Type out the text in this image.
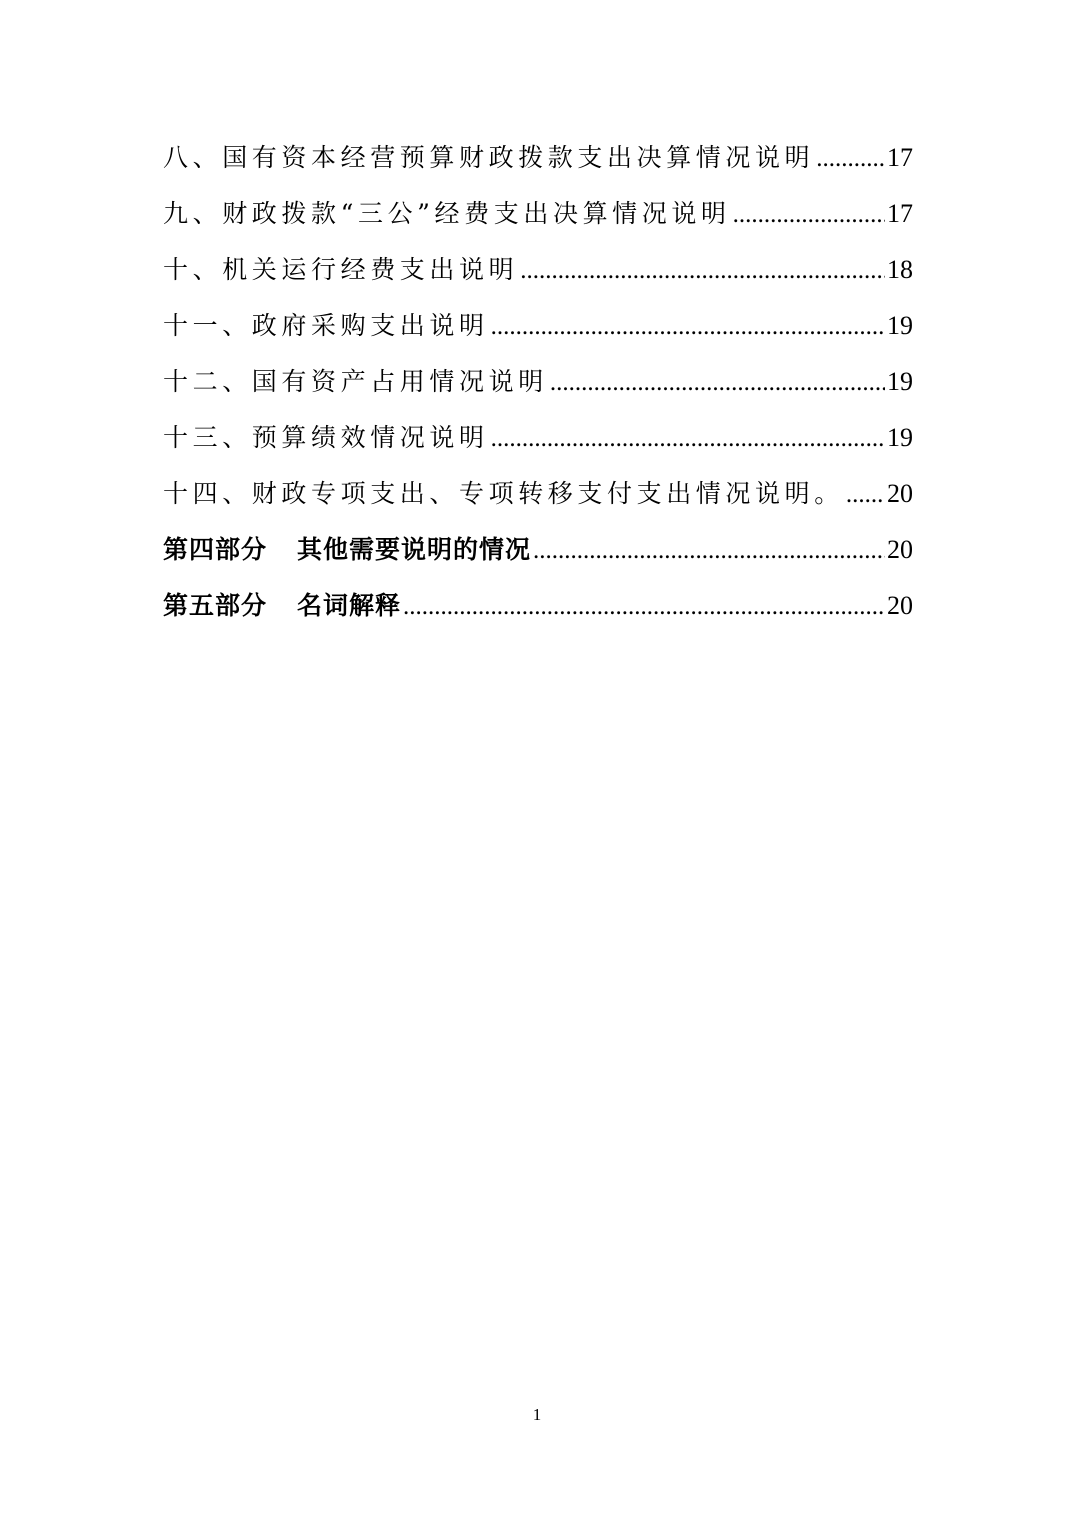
八、国有资本经营预算财政拨款支出决算情况说明 .....	17
九、财政拨款“三公”经费支出决算情况说明 .....	17
十、机关运行经费支出说明 .....	18
十一、政府采购支出说明 .....	19
十二、国有资产占用情况说明 .....	19
十三、预算绩效情况说明 .....	19
十四、财政专项支出、专项转移支付支出情况说明。 ..... 20
第四部分 其他需要说明的情况 .....	20
第五部分 名词解释 .....	20
1
